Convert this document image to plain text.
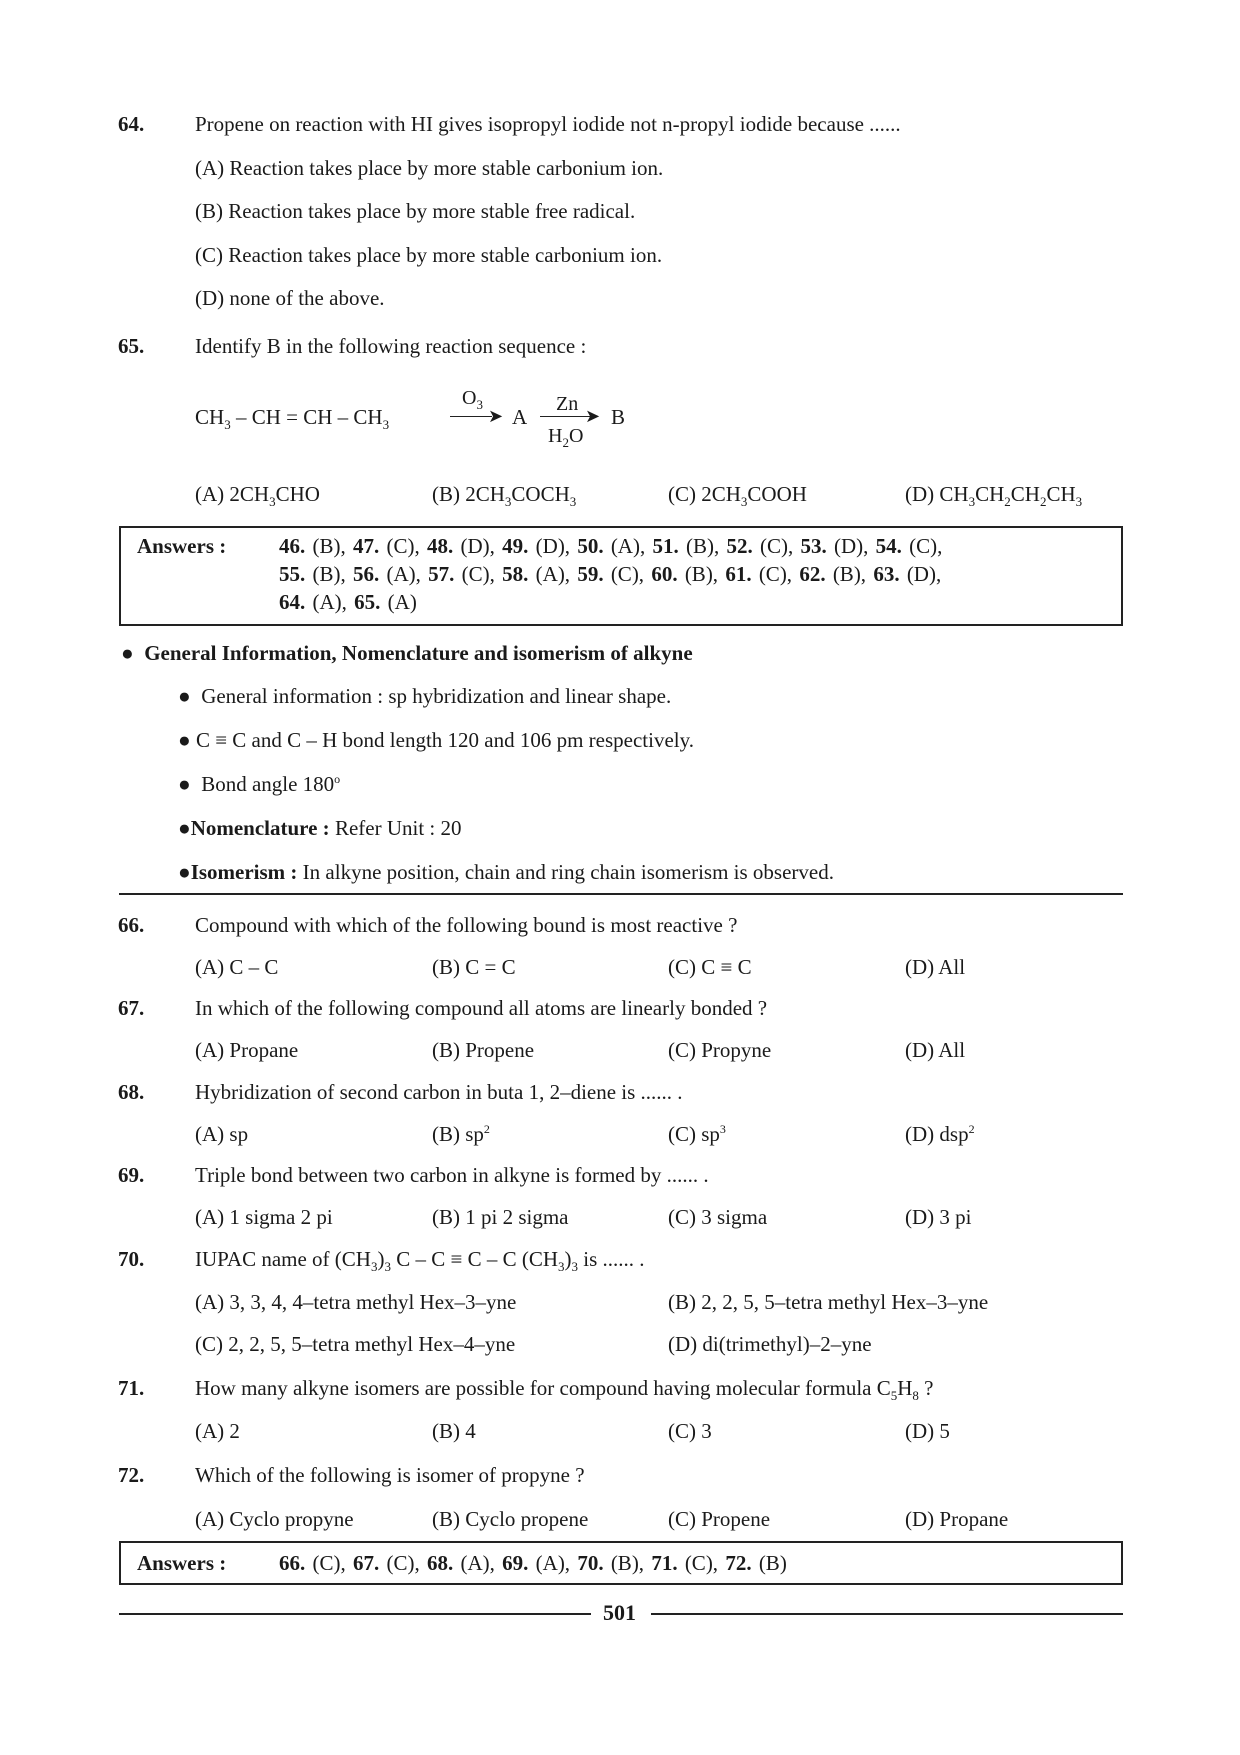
64. Propene on reaction with HI gives isopropyl iodide not n-propyl iodide because ......
(A) Reaction takes place by more stable carbonium ion.
(B) Reaction takes place by more stable free radical.
(C) Reaction takes place by more stable carbonium ion.
(D) none of the above.
65. Identify B in the following reaction sequence :
$CH_3$ – CH = CH – $CH_3$
$O_3$
➤ A
Zn
➤
$H_2O$
B
(A) $2CH_3CHO$	(B) $2CH_3COCH_3$	(C) $2CH_3COOH$	(D) $CH_3CH_2CH_2CH_3$
Answers :	46. (B), 47. (C), 48. (D), 49. (D), 50. (A), 51. (B), 52. (C), 53. (D), 54. (C),
55. (B), 56. (A), 57. (C), 58. (A), 59. (C), 60. (B), 61. (C), 62. (B), 63. (D),
64. (A), 65. (A)
● General Information, Nomenclature and isomerism of alkyne
● General information : sp hybridization and linear shape.
● C ≡ C and C – H bond length 120 and 106 pm respectively.
● Bond angle 180$^o$
●Nomenclature : Refer Unit : 20
●Isomerism : In alkyne position, chain and ring chain isomerism is observed.
66. Compound with which of the following bound is most reactive ?
(A) C – C	(B) C = C	(C) C ≡ C	(D) All
67. In which of the following compound all atoms are linearly bonded ?
(A) Propane	(B) Propene	(C) Propyne	(D) All
68. Hybridization of second carbon in buta 1, 2–diene is ...... .
(A) sp	(B) $sp^2$	(C) $sp^3$	(D) dsp$^2$
69. Triple bond between two carbon in alkyne is formed by ...... .
(A) 1 sigma 2 pi	(B) 1 pi 2 sigma	(C) 3 sigma	(D) 3 pi
70. IUPAC name of $(CH_3)_3$ C – C ≡ C – C $(CH_3)_3$ is ...... .
(A) 3, 3, 4, 4–tetra methyl Hex–3–yne	(B) 2, 2, 5, 5–tetra methyl Hex–3–yne
(C) 2, 2, 5, 5–tetra methyl Hex–4–yne	(D) di(trimethyl)–2–yne
71. How many alkyne isomers are possible for compound having molecular formula $C_5H_8$ ?
(A) 2	(B) 4	(C) 3	(D) 5
72. Which of the following is isomer of propyne ?
(A) Cyclo propyne	(B) Cyclo propene	(C) Propene	(D) Propane
Answers :	66. (C), 67. (C), 68. (A), 69. (A), 70. (B), 71. (C), 72. (B)
501
